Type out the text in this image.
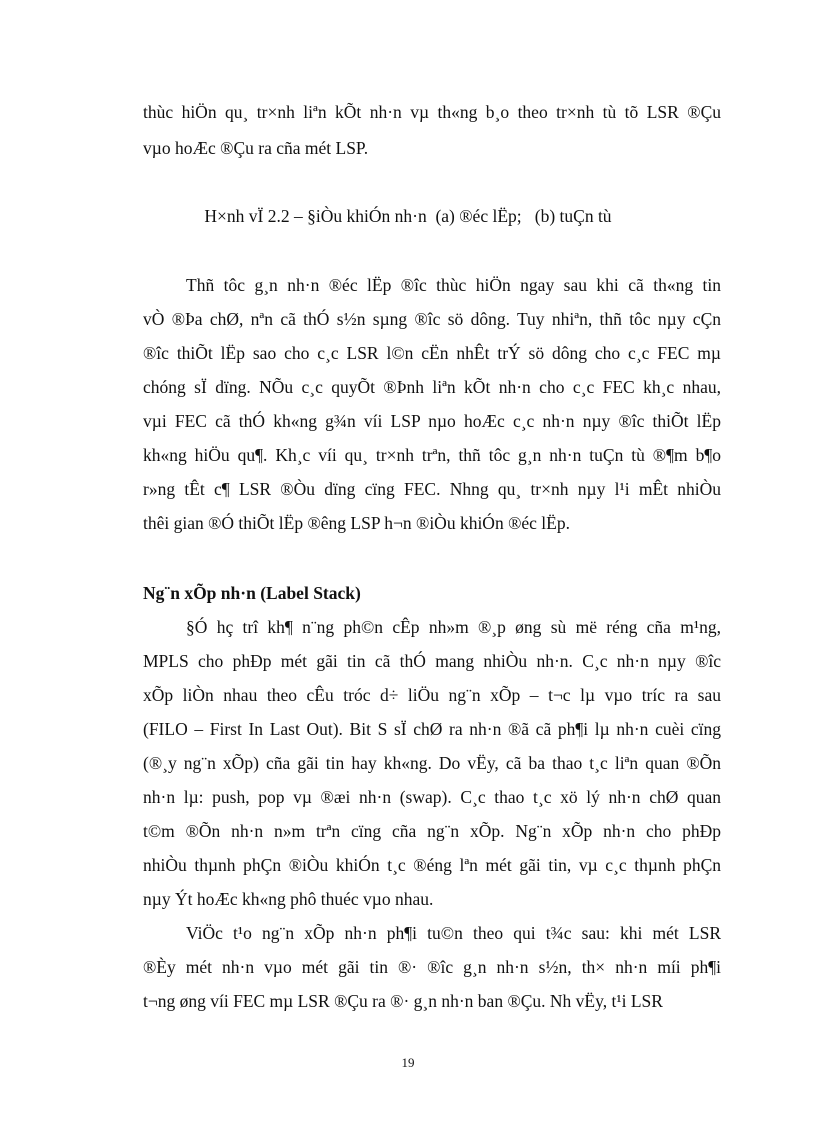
thùc hiÖn qu¸ tr×nh liªn kÕt nh·n vµ th«ng b¸o theo tr×nh tù tõ LSR ®Çu
vµo hoÆc ®Çu ra cña mét LSP.
H×nh vÏ 2.2 – §iÒu khiÓn nh·n  (a) ®éc lËp;   (b) tuÇn tù
Thñ tôc g¸n nh·n ®éc lËp ®îc thùc hiÖn ngay sau khi cã th«ng tin
vÒ ®Þa chØ, nªn cã thÓ s½n sµng ®îc sö dông. Tuy nhiªn, thñ tôc nµy cÇn
®îc thiÕt lËp sao cho c¸c LSR l©n cËn nhÊt trÝ sö dông cho c¸c FEC mµ
chóng sÏ dïng. NÕu c¸c quyÕt ®Þnh liªn kÕt nh·n cho c¸c FEC kh¸c nhau,
vµi FEC cã thÓ kh«ng g¾n víi LSP nµo hoÆc c¸c nh·n nµy ®îc thiÕt lËp
kh«ng hiÖu qu¶. Kh¸c víi qu¸ tr×nh trªn, thñ tôc g¸n nh·n tuÇn tù ®¶m b¶o
r»ng tÊt c¶ LSR ®Òu dïng cïng FEC. Nhng qu¸ tr×nh nµy l¹i mÊt nhiÒu
thêi gian ®Ó thiÕt lËp ®êng LSP h¬n ®iÒu khiÓn ®éc lËp.
Ng¨n xÕp nh·n (Label Stack)
§Ó hç trî kh¶ n¨ng ph©n cÊp nh»m ®¸p øng sù më réng cña m¹ng,
MPLS cho phÐp mét gãi tin cã thÓ mang nhiÒu nh·n. C¸c nh·n nµy ®îc
xÕp liÒn nhau theo cÊu tróc d÷ liÖu ng¨n xÕp – t¬c lµ vµo tríc ra sau
(FILO – First In Last Out). Bit S sÏ chØ ra nh·n ®ã cã ph¶i lµ nh·n cuèi cïng
(®¸y ng¨n xÕp) cña gãi tin hay kh«ng. Do vËy, cã ba thao t¸c liªn quan ®Õn
nh·n lµ: push, pop vµ ®æi nh·n (swap). C¸c thao t¸c xö lý nh·n chØ quan
t©m ®Õn nh·n n»m trªn cïng cña ng¨n xÕp. Ng¨n xÕp nh·n cho phÐp
nhiÒu thµnh phÇn ®iÒu khiÓn t¸c ®éng lªn mét gãi tin, vµ c¸c thµnh phÇn
nµy Ýt hoÆc kh«ng phô thuéc vµo nhau.
ViÖc t¹o ng¨n xÕp nh·n ph¶i tu©n theo qui t¾c sau: khi mét LSR
®Èy mét nh·n vµo mét gãi tin ®· ®îc g¸n nh·n s½n, th× nh·n míi ph¶i
t¬ng øng víi FEC mµ LSR ®Çu ra ®· g¸n nh·n ban ®Çu. Nh vËy, t¹i LSR
19
